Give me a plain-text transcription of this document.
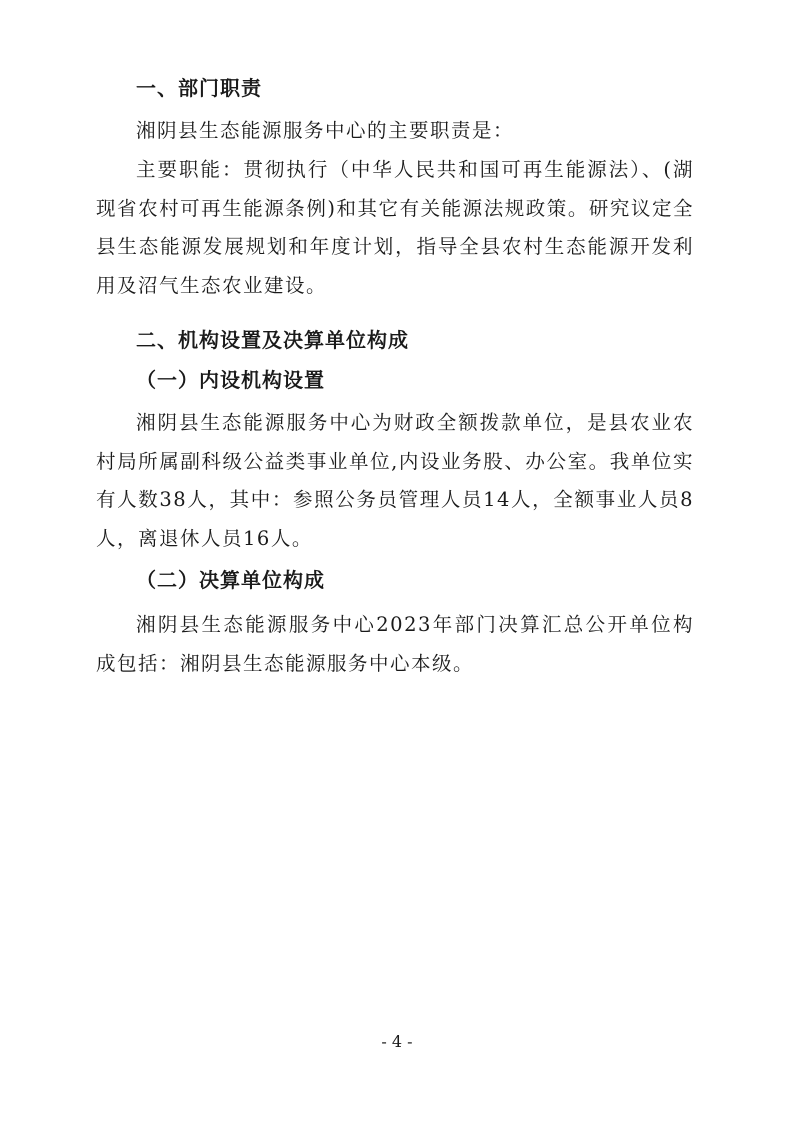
一、部门职责

湘阴县生态能源服务中心的主要职责是：

主要职能：贯彻执行（中华人民共和国可再生能源法）、(湖现省农村可再生能源条例)和其它有关能源法规政策。研究议定全县生态能源发展规划和年度计划，指导全县农村生态能源开发利用及沼气生态农业建设。

二、机构设置及决算单位构成
（一）内设机构设置

湘阴县生态能源服务中心为财政全额拨款单位，是县农业农村局所属副科级公益类事业单位,内设业务股、办公室。我单位实有人数38人，其中：参照公务员管理人员14人，全额事业人员8人，离退休人员16人。

（二）决算单位构成

湘阴县生态能源服务中心2023年部门决算汇总公开单位构成包括：湘阴县生态能源服务中心本级。

- 4 -
